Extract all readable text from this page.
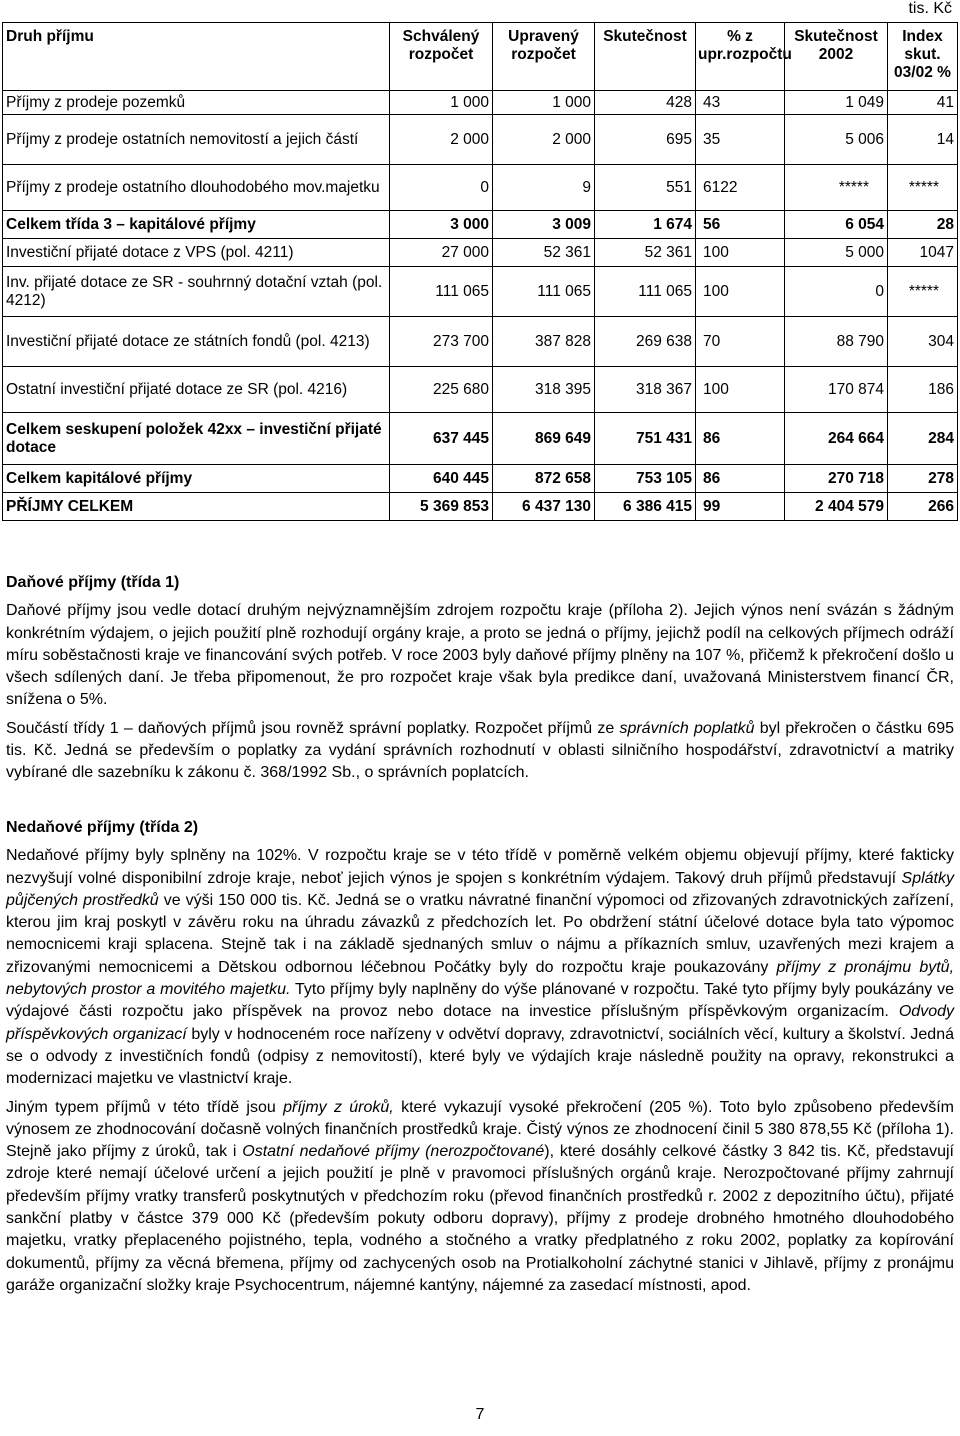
tis. Kč
Druh příjmu	Schválený rozpočet	Upravený rozpočet	Skutečnost	% z upr.rozpočtu	Skutečnost 2002	Index skut. 03/02 %
Příjmy z prodeje pozemků	1 000	1 000	428	43	1 049	41
Příjmy z prodeje ostatních nemovitostí a jejich částí	2 000	2 000	695	35	5 006	14
Příjmy z prodeje ostatního dlouhodobého mov.majetku	0	9	551	6122	*****	*****
Celkem třída 3 – kapitálové příjmy	3 000	3 009	1 674	56	6 054	28
Investiční přijaté dotace z VPS (pol. 4211)	27 000	52 361	52 361	100	5 000	1047
Inv. přijaté dotace ze SR - souhrnný dotační vztah (pol. 4212)	111 065	111 065	111 065	100	0	*****
Investiční přijaté dotace ze státních fondů (pol. 4213)	273 700	387 828	269 638	70	88 790	304
Ostatní investiční přijaté dotace ze SR (pol. 4216)	225 680	318 395	318 367	100	170 874	186
Celkem seskupení položek 42xx – investiční přijaté dotace	637 445	869 649	751 431	86	264 664	284
Celkem kapitálové příjmy	640 445	872 658	753 105	86	270 718	278
PŘÍJMY CELKEM	5 369 853	6 437 130	6 386 415	99	2 404 579	266
Daňové příjmy (třída 1)

Daňové příjmy jsou vedle dotací druhým nejvýznamnějším zdrojem rozpočtu kraje (příloha 2). Jejich výnos není svázán s žádným konkrétním výdajem, o jejich použití plně rozhodují orgány kraje, a proto se jedná o příjmy, jejichž podíl na celkových příjmech odráží míru soběstačnosti kraje ve financování svých potřeb. V roce 2003 byly daňové příjmy plněny na 107 %, přičemž k překročení došlo u všech sdílených daní. Je třeba připomenout, že pro rozpočet kraje však byla predikce daní, uvažovaná Ministerstvem financí ČR, snížena o 5%.

Součástí třídy 1 – daňových příjmů jsou rovněž správní poplatky. Rozpočet příjmů ze správních poplatků byl překročen o částku 695 tis. Kč. Jedná se především o poplatky za vydání správních rozhodnutí v oblasti silničního hospodářství, zdravotnictví a matriky vybírané dle sazebníku k zákonu č. 368/1992 Sb., o správních poplatcích.

Nedaňové příjmy (třída 2)

Nedaňové příjmy byly splněny na 102%. V rozpočtu kraje se v této třídě v poměrně velkém objemu objevují příjmy, které fakticky nezvyšují volné disponibilní zdroje kraje, neboť jejich výnos je spojen s konkrétním výdajem. Takový druh příjmů představují Splátky půjčených prostředků ve výši 150 000 tis. Kč. Jedná se o vratku návratné finanční výpomoci od zřizovaných zdravotnických zařízení, kterou jim kraj poskytl v závěru roku na úhradu závazků z předchozích let. Po obdržení státní účelové dotace byla tato výpomoc nemocnicemi kraji splacena. Stejně tak i na základě sjednaných smluv o nájmu a příkazních smluv, uzavřených mezi krajem a zřizovanými nemocnicemi a Dětskou odbornou léčebnou Počátky byly do rozpočtu kraje poukazovány příjmy z pronájmu bytů, nebytových prostor a movitého majetku. Tyto příjmy byly naplněny do výše plánované v rozpočtu. Také tyto příjmy byly poukázány ve výdajové části rozpočtu jako příspěvek na provoz nebo dotace na investice příslušným příspěvkovým organizacím. Odvody příspěvkových organizací byly v hodnoceném roce nařízeny v odvětví dopravy, zdravotnictví, sociálních věcí, kultury a školství. Jedná se o odvody z investičních fondů (odpisy z nemovitostí), které byly ve výdajích kraje následně použity na opravy, rekonstrukci a modernizaci majetku ve vlastnictví kraje.

Jiným typem příjmů v této třídě jsou příjmy z úroků, které vykazují vysoké překročení (205 %). Toto bylo způsobeno především výnosem ze zhodnocování dočasně volných finančních prostředků kraje. Čistý výnos ze zhodnocení činil 5 380 878,55 Kč (příloha 1). Stejně jako příjmy z úroků, tak i Ostatní nedaňové příjmy (nerozpočtované), které dosáhly celkové částky 3 842 tis. Kč, představují zdroje které nemají účelové určení a jejich použití je plně v pravomoci příslušných orgánů kraje. Nerozpočtované příjmy zahrnují především příjmy vratky transferů poskytnutých v předchozím roku (převod finančních prostředků r. 2002 z depozitního účtu), přijaté sankční platby v částce 379 000 Kč (především pokuty odboru dopravy), příjmy z prodeje drobného hmotného dlouhodobého majetku, vratky přeplaceného pojistného, tepla, vodného a stočného a vratky předplatného z roku 2002, poplatky za kopírování dokumentů, příjmy za věcná břemena, příjmy od zachycených osob na Protialkoholní záchytné stanici v Jihlavě, příjmy z pronájmu garáže organizační složky kraje Psychocentrum, nájemné kantýny, nájemné za zasedací místnosti, apod.

7
